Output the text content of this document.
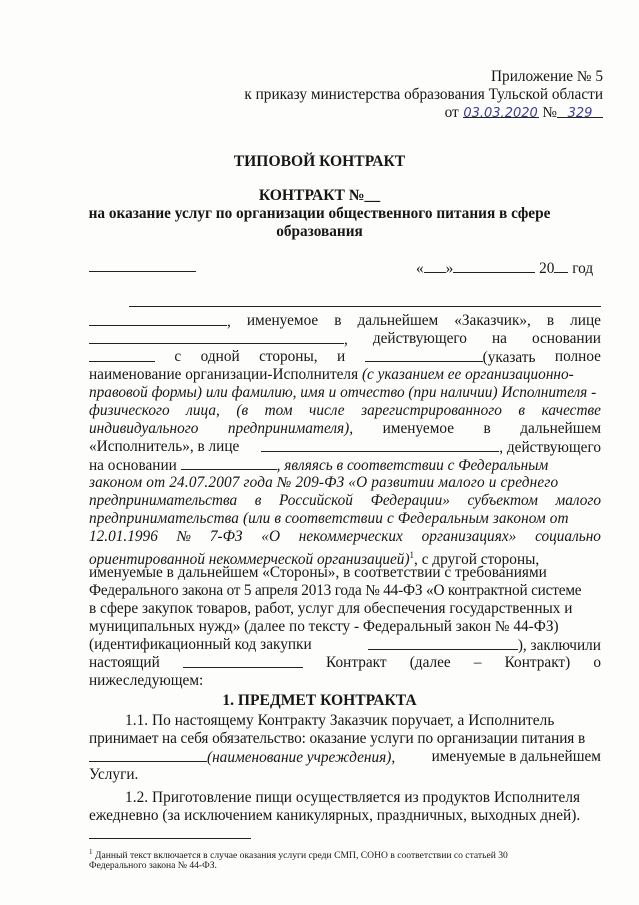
Приложение № 5
к приказу министерства образования Тульской области
от 03.03.2020 № 329
ТИПОВОЙ КОНТРАКТ
КОНТРАКТ №__
на оказание услуг по организации общественного питания в сфере
образования
« »	20 год
, именуемое в дальнейшем «Заказчик», в лице
, действующего на основании
с одной стороны, и	(указать полное
наименование организации-Исполнителя (с указанием ее организационно-
правовой формы) или фамилию, имя и отчество (при наличии) Исполнителя -
физического лица, (в том числе зарегистрированного в качестве
индивидуального предпринимателя), именуемое в дальнейшем
«Исполнитель», в лице	, действующего
на основании	, являясь в соответствии с Федеральным
законом от 24.07.2007 года № 209-ФЗ «О развитии малого и среднего
предпринимательства в Российской Федерации» субъектом малого
предпринимательства (или в соответствии с Федеральным законом от
12.01.1996 № 7-ФЗ «О некоммерческих организациях» социально
ориентированной некоммерческой организацией)$^1$, с другой стороны,
именуемые в дальнейшем «Стороны», в соответствии с требованиями
Федерального закона от 5 апреля 2013 года № 44-ФЗ «О контрактной системе
в сфере закупок товаров, работ, услуг для обеспечения государственных и
муниципальных нужд» (далее по тексту - Федеральный закон № 44-ФЗ)
(идентификационный код закупки	), заключили
настоящий	Контракт (далее – Контракт) о
нижеследующем:
1. ПРЕДМЕТ КОНТРАКТА
1.1. По настоящему Контракту Заказчик поручает, а Исполнитель
принимает на себя обязательство: оказание услуги по организации питания в
(наименование учреждения), именуемые в дальнейшем
Услуги.
1.2. Приготовление пищи осуществляется из продуктов Исполнителя
ежедневно (за исключением каникулярных, праздничных, выходных дней).
$^1$ Данный текст включается в случае оказания услуги среди СМП, СОНО в соответствии со статьей 30
Федерального закона № 44-ФЗ.
